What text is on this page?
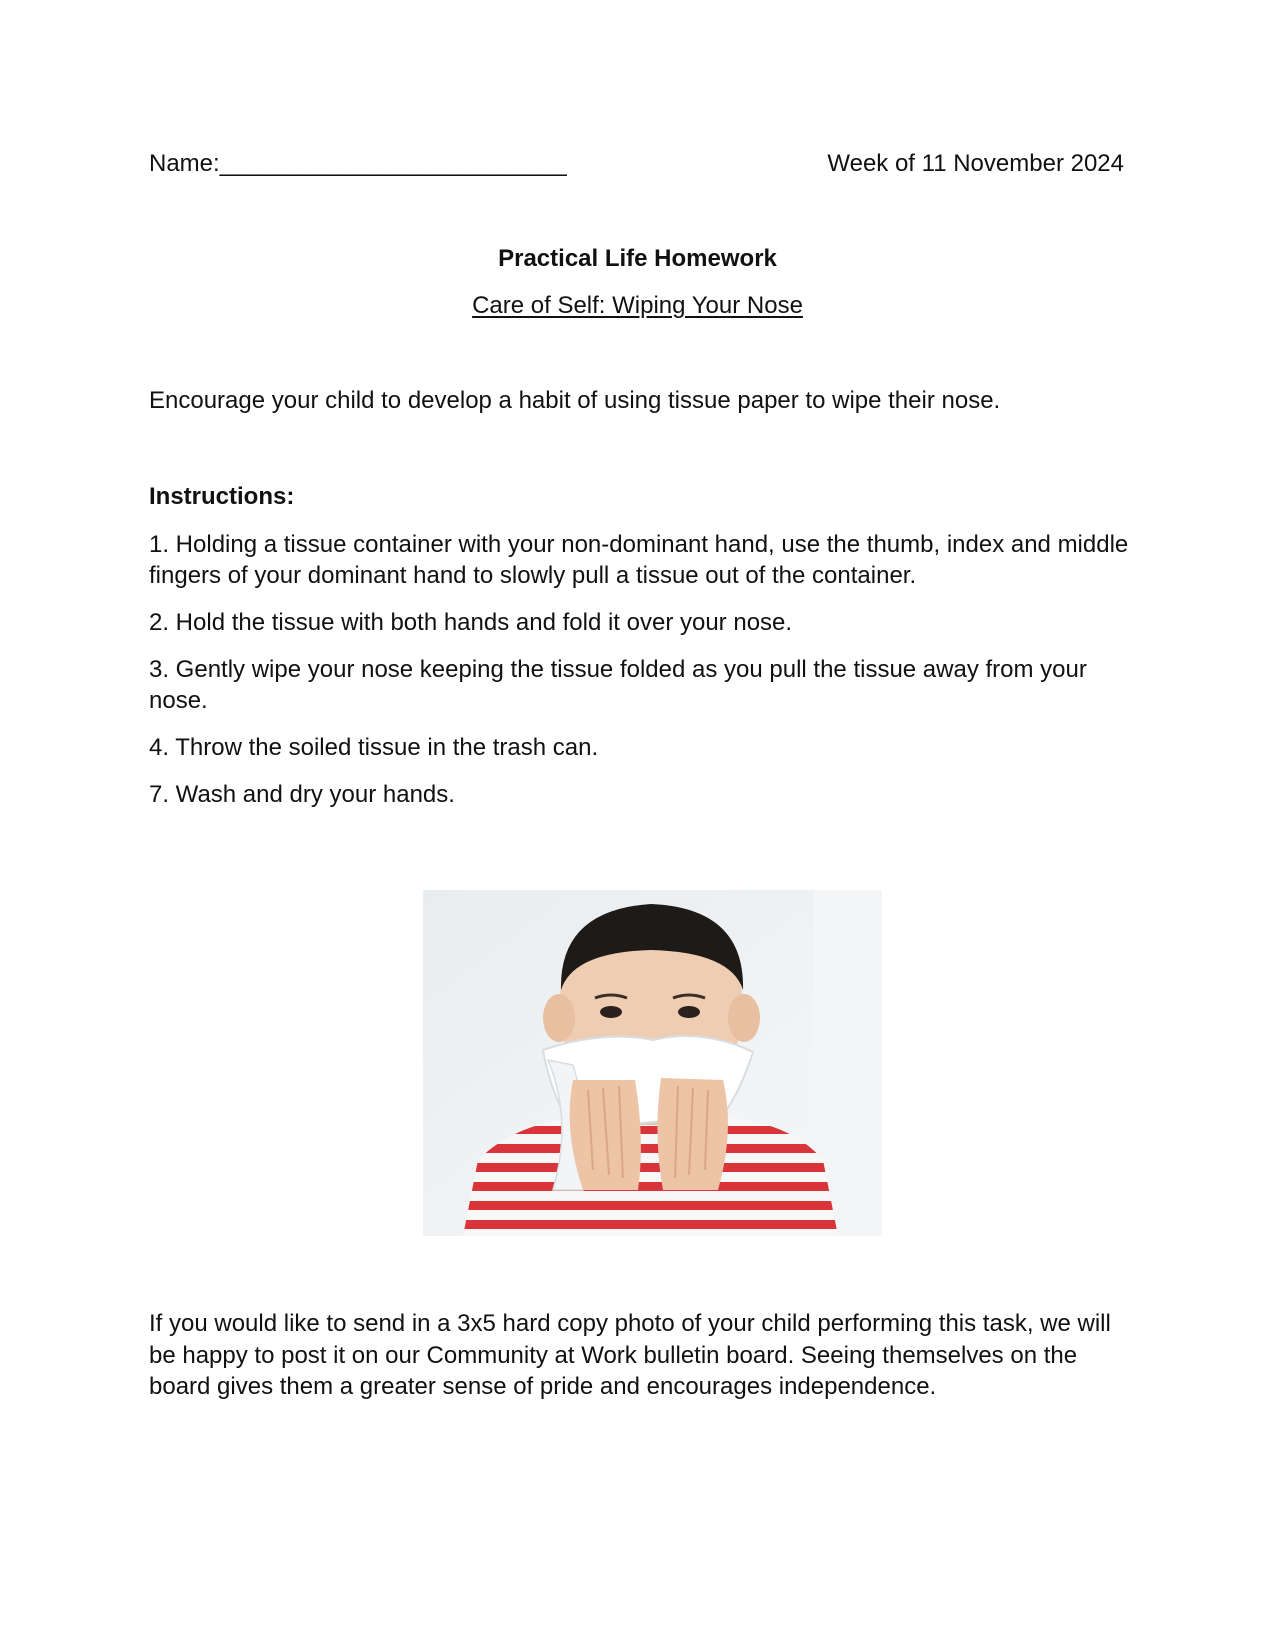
Name:__________________________	Week of 11 November 2024
Practical Life Homework
Care of Self: Wiping Your Nose
Encourage your child to develop a habit of using tissue paper to wipe their nose.
Instructions:
1. Holding a tissue container with your non-dominant hand, use the thumb, index and middle fingers of your dominant hand to slowly pull a tissue out of the container.
2. Hold the tissue with both hands and fold it over your nose.
3. Gently wipe your nose keeping the tissue folded as you pull the tissue away from your nose.
4. Throw the soiled tissue in the trash can.
7. Wash and dry your hands.

If you would like to send in a 3x5 hard copy photo of your child performing this task, we will be happy to post it on our Community at Work bulletin board. Seeing themselves on the board gives them a greater sense of pride and encourages independence.
